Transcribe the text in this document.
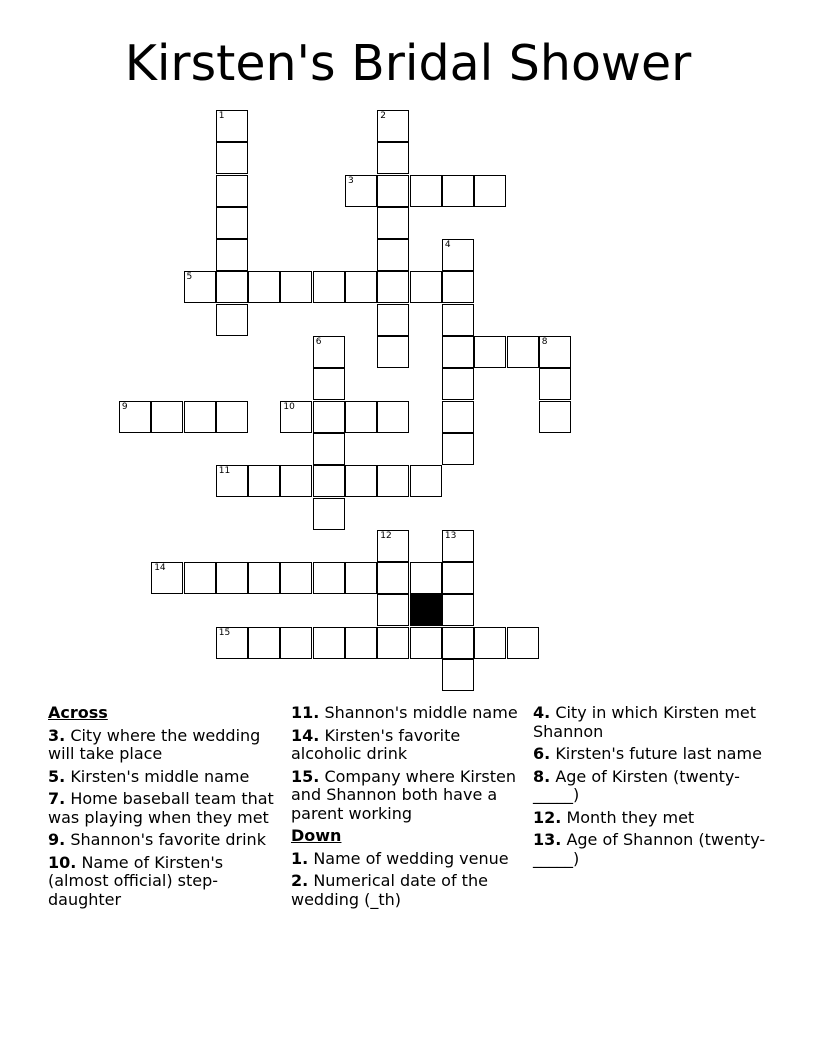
Kirsten's Bridal Shower
1	2
3
4
5
6	8
9	10
11
12	13
14
15
Across
3. City where the wedding will take place
5. Kirsten's middle name
7. Home baseball team that was playing when they met
9. Shannon's favorite drink
10. Name of Kirsten's (almost official) step-daughter
11. Shannon's middle name
14. Kirsten's favorite alcoholic drink
15. Company where Kirsten and Shannon both have a parent working
Down
1. Name of wedding venue
2. Numerical date of the wedding (_th)
4. City in which Kirsten met Shannon
6. Kirsten's future last name
8. Age of Kirsten (twenty-_____)
12. Month they met
13. Age of Shannon (twenty-_____)
